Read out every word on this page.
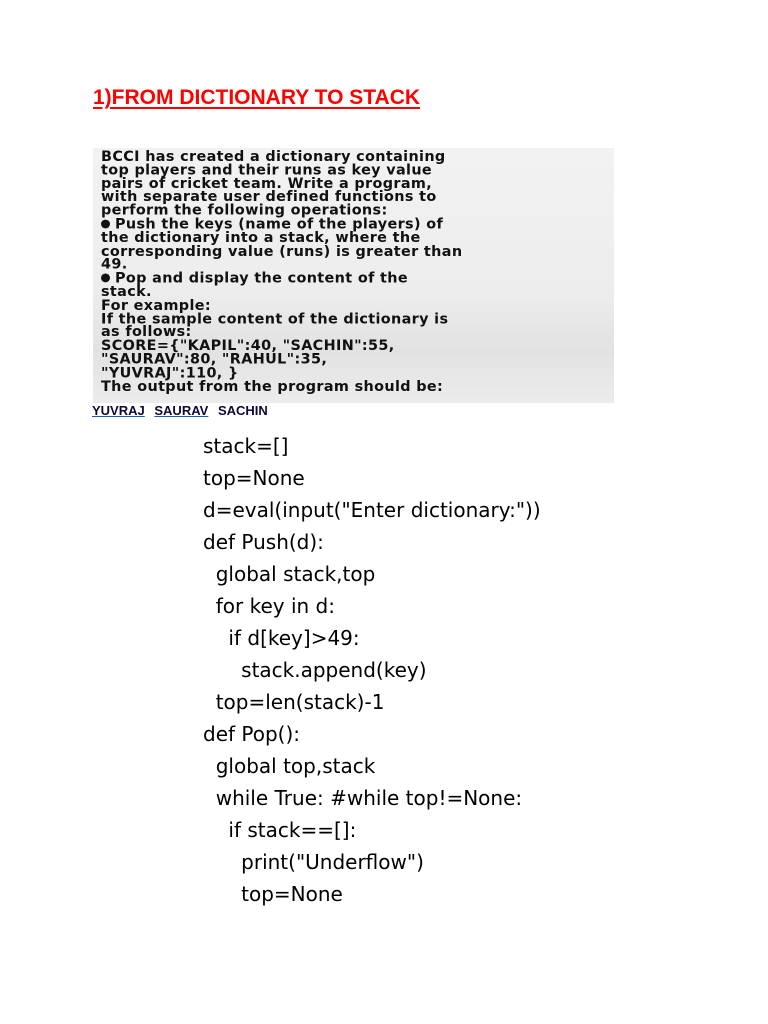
1)FROM DICTIONARY TO STACK
BCCI has created a dictionary containing
top players and their runs as key value
pairs of cricket team. Write a program,
with separate user defined functions to
perform the following operations:
Push the keys (name of the players) of
the dictionary into a stack, where the
corresponding value (runs) is greater than
49.
Pop and display the content of the
stack.
For example:
If the sample content of the dictionary is
as follows:
SCORE={"KAPIL":40, "SACHIN":55,
"SAURAV":80, "RAHUL":35,
"YUVRAJ":110, }
The output from the program should be:
YUVRAJ SAURAV SACHIN
stack=[]
top=None
d=eval(input("Enter dictionary:"))
def Push(d):
global stack,top
for key in d:
if d[key]>49:
stack.append(key)
top=len(stack)-1
def Pop():
global top,stack
while True: #while top!=None:
if stack==[]:
print("Underflow")
top=None
